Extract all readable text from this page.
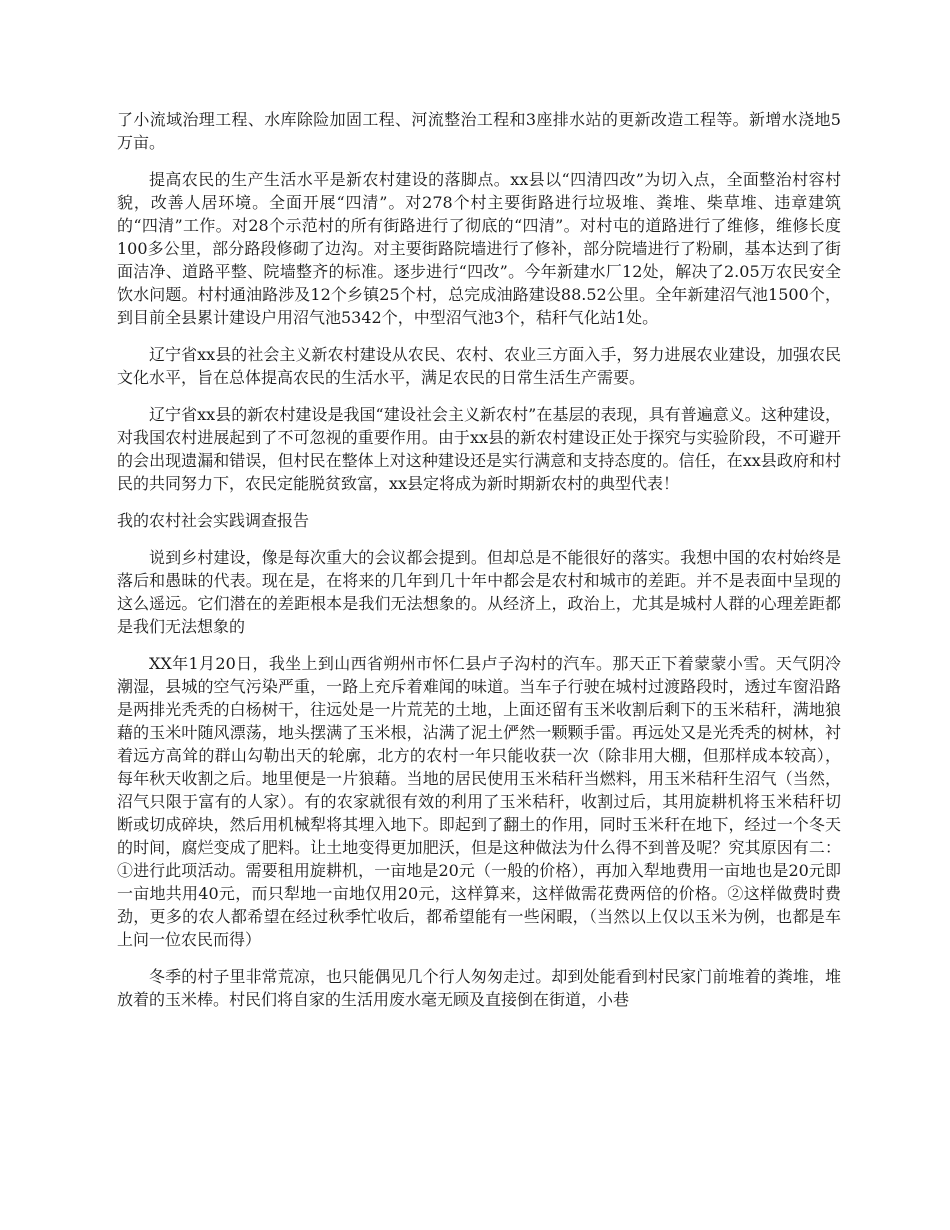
了小流域治理工程、水库除险加固工程、河流整治工程和3座排水站的更新改造工程等。新增水浇地5万亩。

提高农民的生产生活水平是新农村建设的落脚点。xx县以“四清四改”为切入点，全面整治村容村貌，改善人居环境。全面开展“四清”。对278个村主要街路进行垃圾堆、粪堆、柴草堆、违章建筑的“四清”工作。对28个示范村的所有街路进行了彻底的“四清”。对村屯的道路进行了维修，维修长度100多公里，部分路段修砌了边沟。对主要街路院墙进行了修补，部分院墙进行了粉刷，基本达到了街面洁净、道路平整、院墙整齐的标准。逐步进行“四改”。今年新建水厂12处，解决了2.05万农民安全饮水问题。村村通油路涉及12个乡镇25个村，总完成油路建设88.52公里。全年新建沼气池1500个，到目前全县累计建设户用沼气池5342个，中型沼气池3个，秸秆气化站1处。

辽宁省xx县的社会主义新农村建设从农民、农村、农业三方面入手，努力进展农业建设，加强农民文化水平，旨在总体提高农民的生活水平，满足农民的日常生活生产需要。

辽宁省xx县的新农村建设是我国“建设社会主义新农村”在基层的表现，具有普遍意义。这种建设，对我国农村进展起到了不可忽视的重要作用。由于xx县的新农村建设正处于探究与实验阶段，不可避开的会出现遗漏和错误，但村民在整体上对这种建设还是实行满意和支持态度的。信任，在xx县政府和村民的共同努力下，农民定能脱贫致富，xx县定将成为新时期新农村的典型代表！

我的农村社会实践调查报告

说到乡村建设，像是每次重大的会议都会提到。但却总是不能很好的落实。我想中国的农村始终是落后和愚昧的代表。现在是，在将来的几年到几十年中都会是农村和城市的差距。并不是表面中呈现的这么遥远。它们潜在的差距根本是我们无法想象的。从经济上，政治上，尤其是城村人群的心理差距都是我们无法想象的

XX年1月20日，我坐上到山西省朔州市怀仁县卢子沟村的汽车。那天正下着蒙蒙小雪。天气阴冷潮湿，县城的空气污染严重，一路上充斥着难闻的味道。当车子行驶在城村过渡路段时，透过车窗沿路是两排光秃秃的白杨树干，往远处是一片荒芜的土地，上面还留有玉米收割后剩下的玉米秸秆，满地狼藉的玉米叶随风漂荡，地头摆满了玉米根，沾满了泥土俨然一颗颗手雷。再远处又是光秃秃的树林，衬着远方高耸的群山勾勒出天的轮廓，北方的农村一年只能收获一次（除非用大棚，但那样成本较高），每年秋天收割之后。地里便是一片狼藉。当地的居民使用玉米秸秆当燃料，用玉米秸秆生沼气（当然，沼气只限于富有的人家）。有的农家就很有效的利用了玉米秸秆，收割过后，其用旋耕机将玉米秸秆切断或切成碎块，然后用机械犁将其埋入地下。即起到了翻土的作用，同时玉米秆在地下，经过一个冬天的时间，腐烂变成了肥料。让土地变得更加肥沃，但是这种做法为什么得不到普及呢？究其原因有二：①进行此项活动。需要租用旋耕机，一亩地是20元（一般的价格），再加入犁地费用一亩地也是20元即一亩地共用40元，而只犁地一亩地仅用20元，这样算来，这样做需花费两倍的价格。②这样做费时费劲，更多的农人都希望在经过秋季忙收后，都希望能有一些闲暇，（当然以上仅以玉米为例，也都是车上问一位农民而得）

冬季的村子里非常荒凉，也只能偶见几个行人匆匆走过。却到处能看到村民家门前堆着的粪堆，堆放着的玉米棒。村民们将自家的生活用废水毫无顾及直接倒在街道，小巷
